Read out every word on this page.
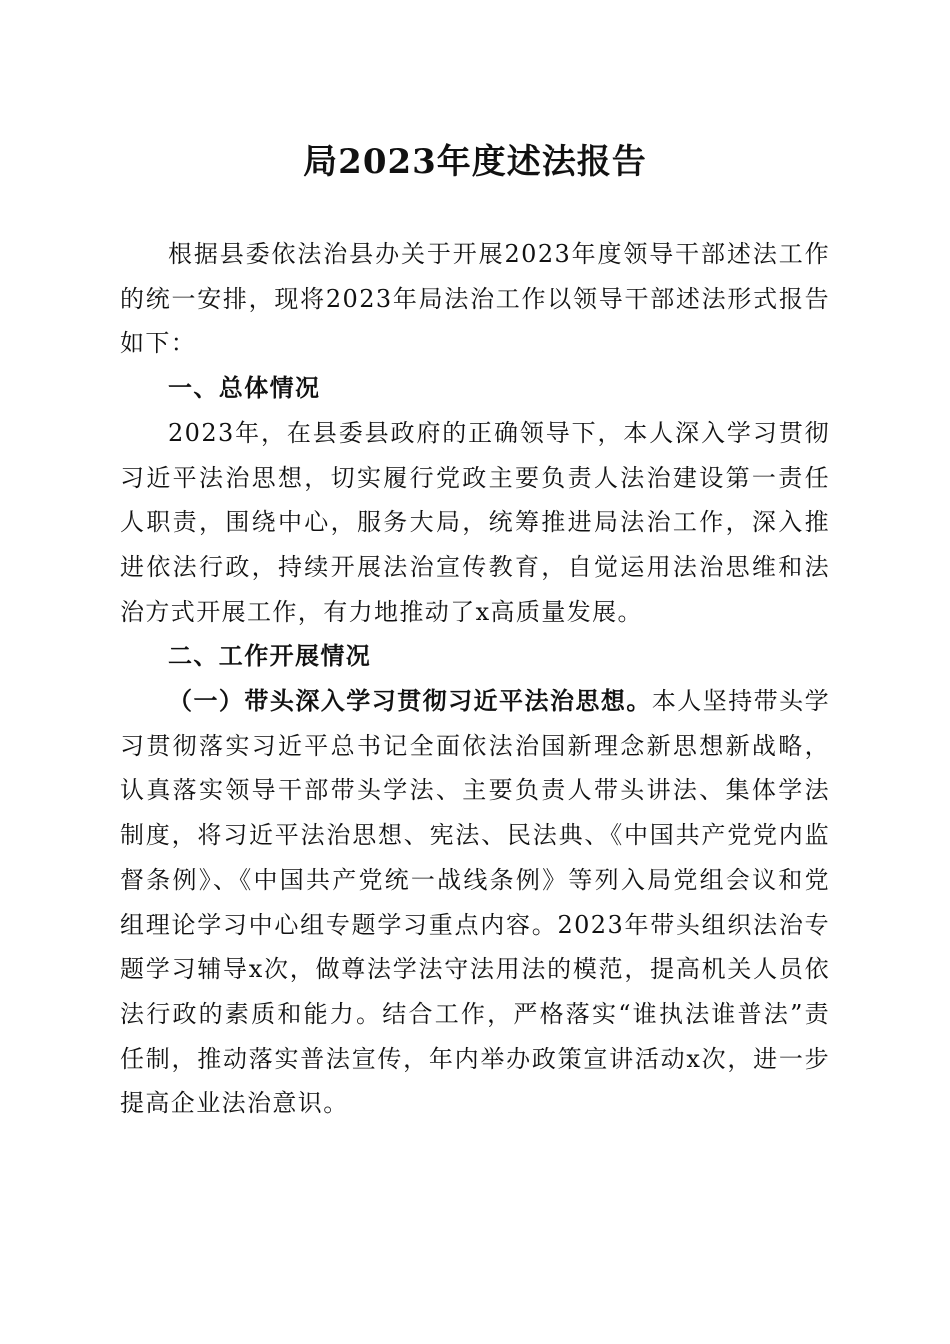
局2023年度述法报告

根据县委依法治县办关于开展2023年度领导干部述法工作的统一安排，现将2023年局法治工作以领导干部述法形式报告如下：

一、总体情况

2023年，在县委县政府的正确领导下，本人深入学习贯彻习近平法治思想，切实履行党政主要负责人法治建设第一责任人职责，围绕中心，服务大局，统筹推进局法治工作，深入推进依法行政，持续开展法治宣传教育，自觉运用法治思维和法治方式开展工作，有力地推动了x高质量发展。

二、工作开展情况

（一）带头深入学习贯彻习近平法治思想。本人坚持带头学习贯彻落实习近平总书记全面依法治国新理念新思想新战略，认真落实领导干部带头学法、主要负责人带头讲法、集体学法制度，将习近平法治思想、宪法、民法典、《中国共产党党内监督条例》、《中国共产党统一战线条例》等列入局党组会议和党组理论学习中心组专题学习重点内容。2023年带头组织法治专题学习辅导x次，做尊法学法守法用法的模范，提高机关人员依法行政的素质和能力。结合工作，严格落实“谁执法谁普法”责任制，推动落实普法宣传，年内举办政策宣讲活动x次，进一步提高企业法治意识。
